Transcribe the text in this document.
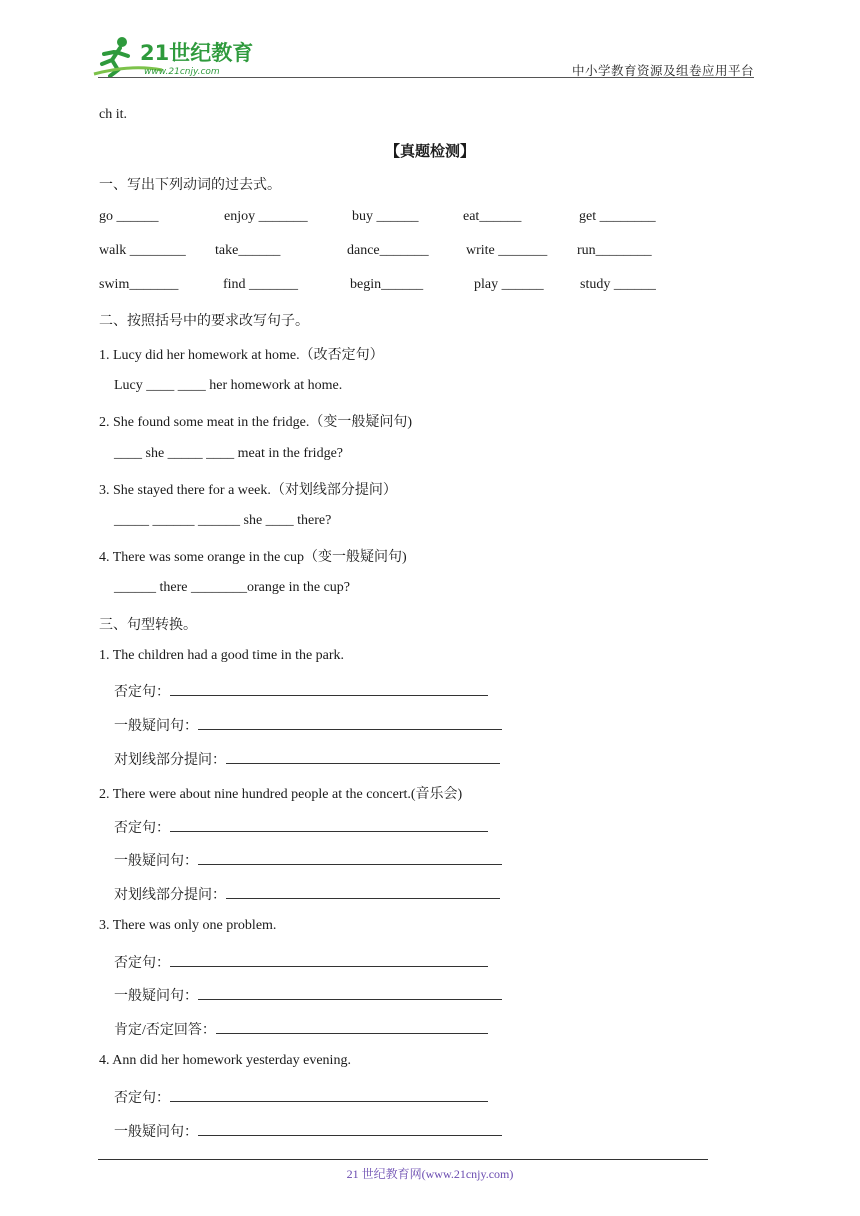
21世纪教育
www.21cnjy.com	中小学教育资源及组卷应用平台
ch it.
【真题检测】
一、写出下列动词的过去式。
go ______	enjoy _______	buy ______	eat______	get ________
walk ________ take______	dance_______	write _______ run________
swim_______	find _______	begin______	play ______	study ______
二、按照括号中的要求改写句子。
1. Lucy did her homework at home.（改否定句）
Lucy ____ ____ her homework at home.
2. She found some meat in the fridge.（变一般疑问句)
____ she _____ ____ meat in the fridge?
3. She stayed there for a week.（对划线部分提问）
_____ ______ ______ she ____ there?
4. There was some orange in the cup（变一般疑问句)
______ there ________orange in the cup?
三、句型转换。
1. The children had a good time in the park.
否定句：
一般疑问句：
对划线部分提问：
2. There were about nine hundred people at the concert.(音乐会)
否定句：
一般疑问句：
对划线部分提问：
3. There was only one problem.
否定句：
一般疑问句：
肯定/否定回答：
4. Ann did her homework yesterday evening.
否定句：
一般疑问句：
21 世纪教育网(www.21cnjy.com)
